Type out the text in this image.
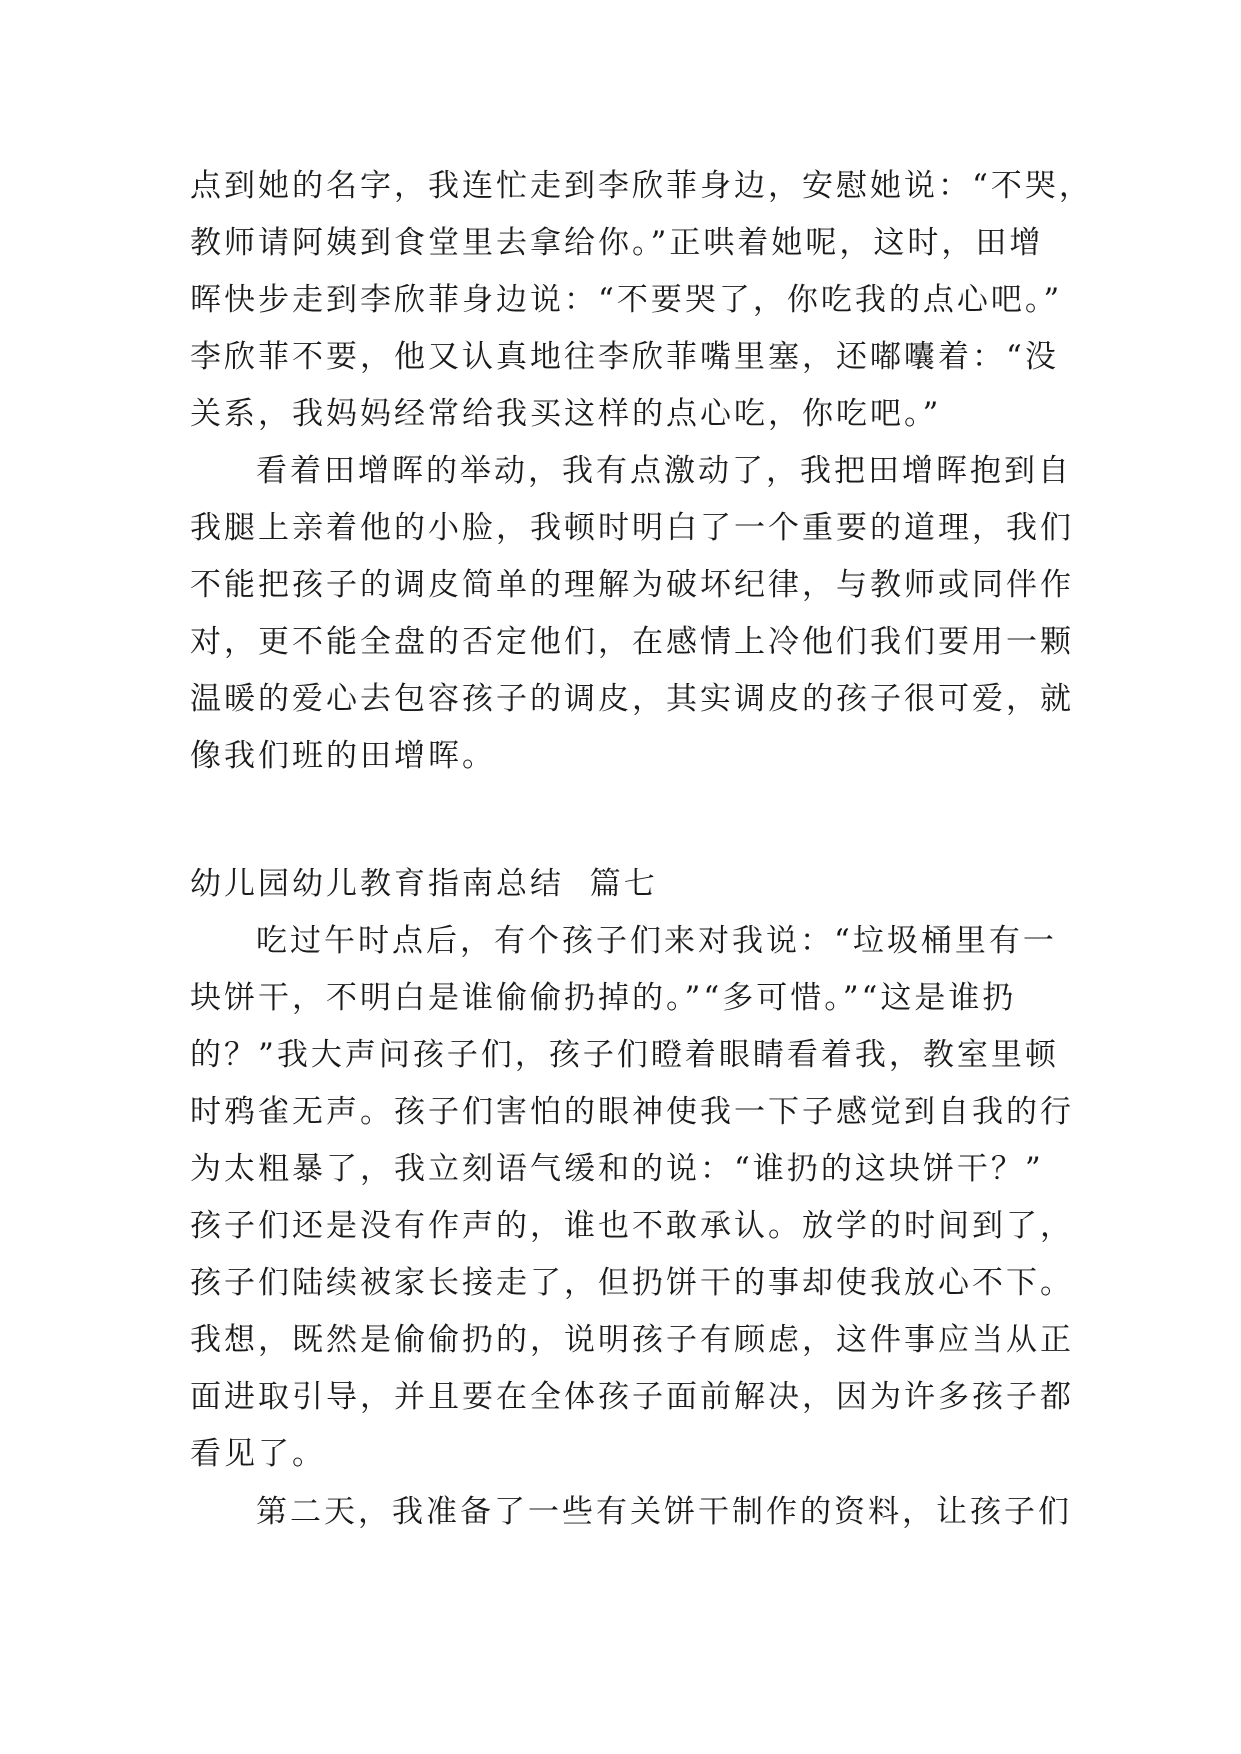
点到她的名字，我连忙走到李欣菲身边，安慰她说：“不哭，
教师请阿姨到食堂里去拿给你。”正哄着她呢，这时，田增
晖快步走到李欣菲身边说：“不要哭了，你吃我的点心吧。”
李欣菲不要，他又认真地往李欣菲嘴里塞，还嘟囔着：“没
关系，我妈妈经常给我买这样的点心吃，你吃吧。”
看着田增晖的举动，我有点激动了，我把田增晖抱到自
我腿上亲着他的小脸，我顿时明白了一个重要的道理，我们
不能把孩子的调皮简单的理解为破坏纪律，与教师或同伴作
对，更不能全盘的否定他们，在感情上冷他们我们要用一颗
温暖的爱心去包容孩子的调皮，其实调皮的孩子很可爱，就
像我们班的田增晖。
幼儿园幼儿教育指南总结  篇七
吃过午时点后，有个孩子们来对我说：“垃圾桶里有一
块饼干，不明白是谁偷偷扔掉的。”“多可惜。”“这是谁扔
的？”我大声问孩子们，孩子们瞪着眼睛看着我，教室里顿
时鸦雀无声。孩子们害怕的眼神使我一下子感觉到自我的行
为太粗暴了，我立刻语气缓和的说：“谁扔的这块饼干？”
孩子们还是没有作声的，谁也不敢承认。放学的时间到了，
孩子们陆续被家长接走了，但扔饼干的事却使我放心不下。
我想，既然是偷偷扔的，说明孩子有顾虑，这件事应当从正
面进取引导，并且要在全体孩子面前解决，因为许多孩子都
看见了。
第二天，我准备了一些有关饼干制作的资料，让孩子们
